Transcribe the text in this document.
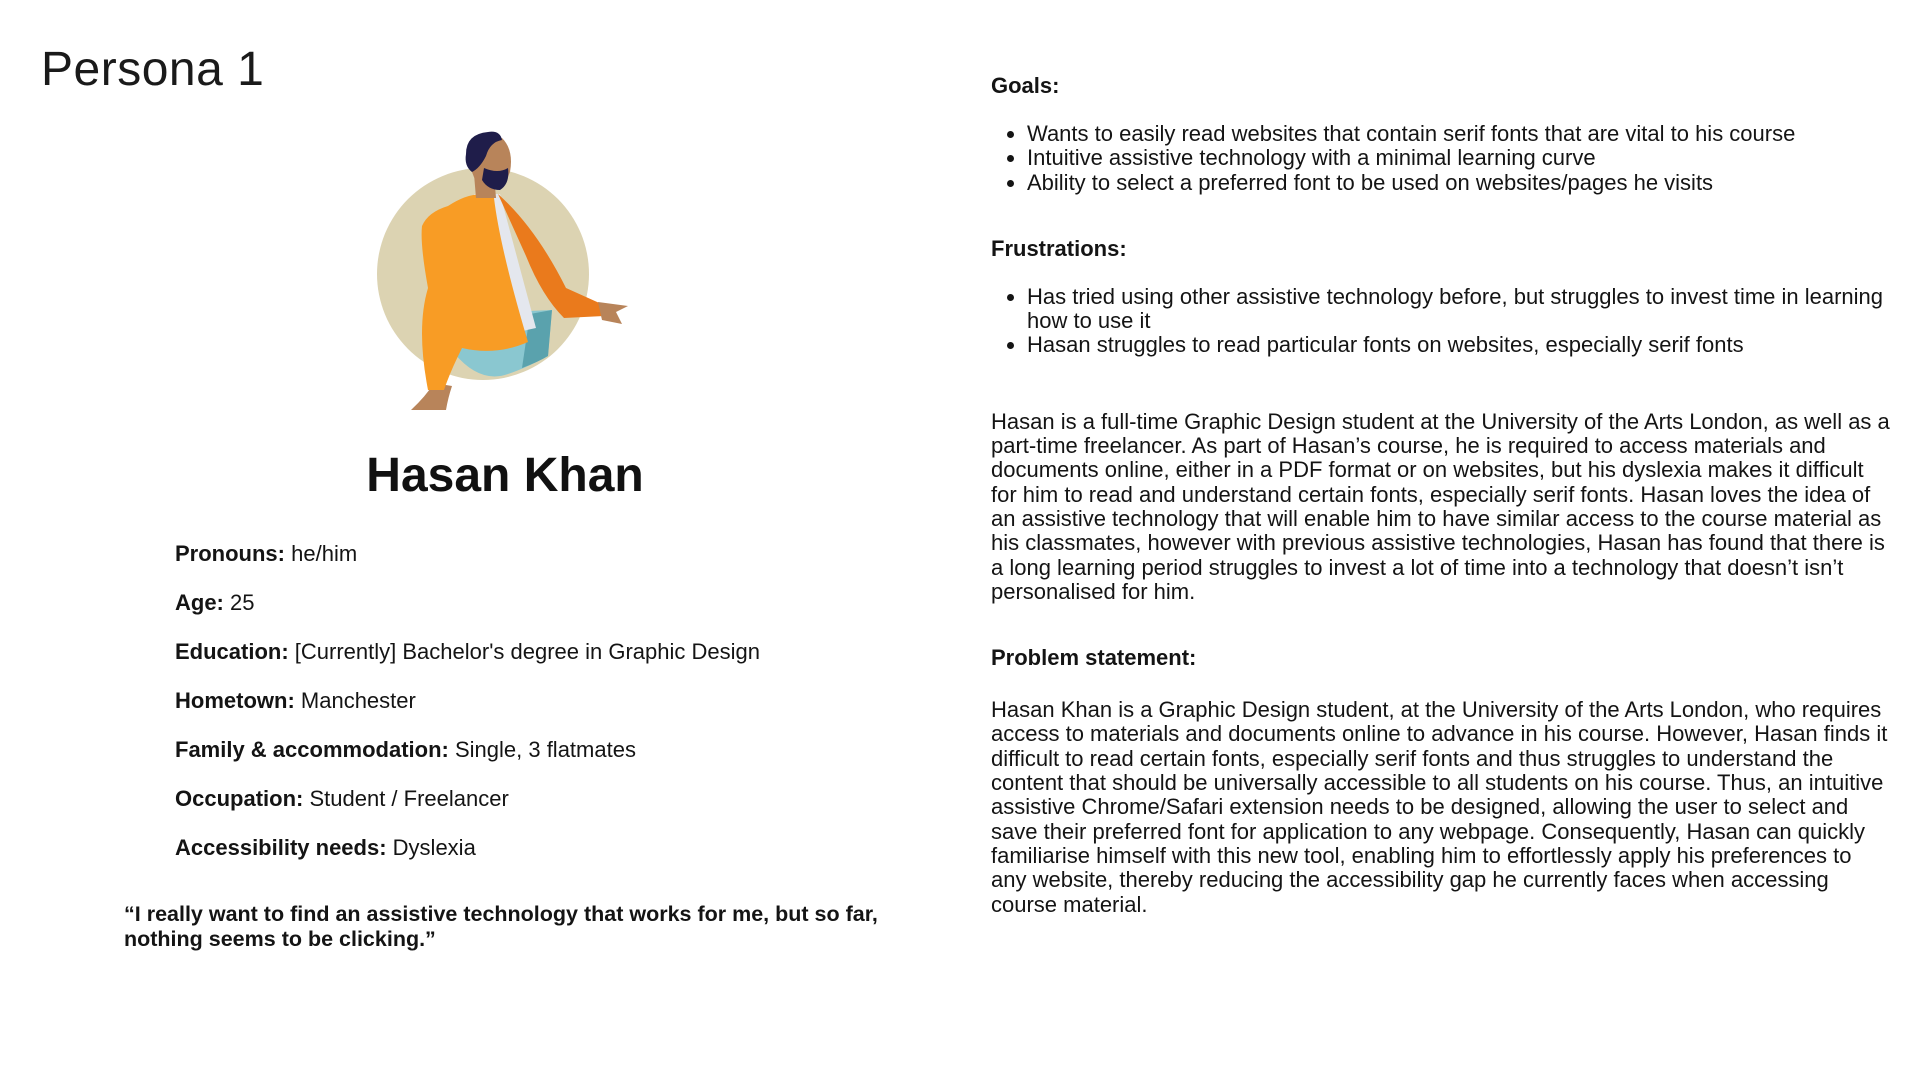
Persona 1
Hasan Khan
Pronouns: he/him
Age: 25
Education: [Currently] Bachelor's degree in Graphic Design
Hometown: Manchester
Family & accommodation: Single, 3 flatmates
Occupation: Student / Freelancer
Accessibility needs: Dyslexia
“I really want to find an assistive technology that works for me, but so far, nothing seems to be clicking.”
Goals:
• Wants to easily read websites that contain serif fonts that are vital to his course
• Intuitive assistive technology with a minimal learning curve
• Ability to select a preferred font to be used on websites/pages he visits
Frustrations:
• Has tried using other assistive technology before, but struggles to invest time in learning how to use it
• Hasan struggles to read particular fonts on websites, especially serif fonts

Hasan is a full-time Graphic Design student at the University of the Arts London, as well as a part-time freelancer. As part of Hasan’s course, he is required to access materials and documents online, either in a PDF format or on websites, but his dyslexia makes it difficult for him to read and understand certain fonts, especially serif fonts. Hasan loves the idea of an assistive technology that will enable him to have similar access to the course material as his classmates, however with previous assistive technologies, Hasan has found that there is a long learning period struggles to invest a lot of time into a technology that doesn’t isn’t personalised for him.

Problem statement:

Hasan Khan is a Graphic Design student, at the University of the Arts London, who requires access to materials and documents online to advance in his course. However, Hasan finds it difficult to read certain fonts, especially serif fonts and thus struggles to understand the content that should be universally accessible to all students on his course. Thus, an intuitive assistive Chrome/Safari extension needs to be designed, allowing the user to select and save their preferred font for application to any webpage. Consequently, Hasan can quickly familiarise himself with this new tool, enabling him to effortlessly apply his preferences to any website, thereby reducing the accessibility gap he currently faces when accessing course material.
